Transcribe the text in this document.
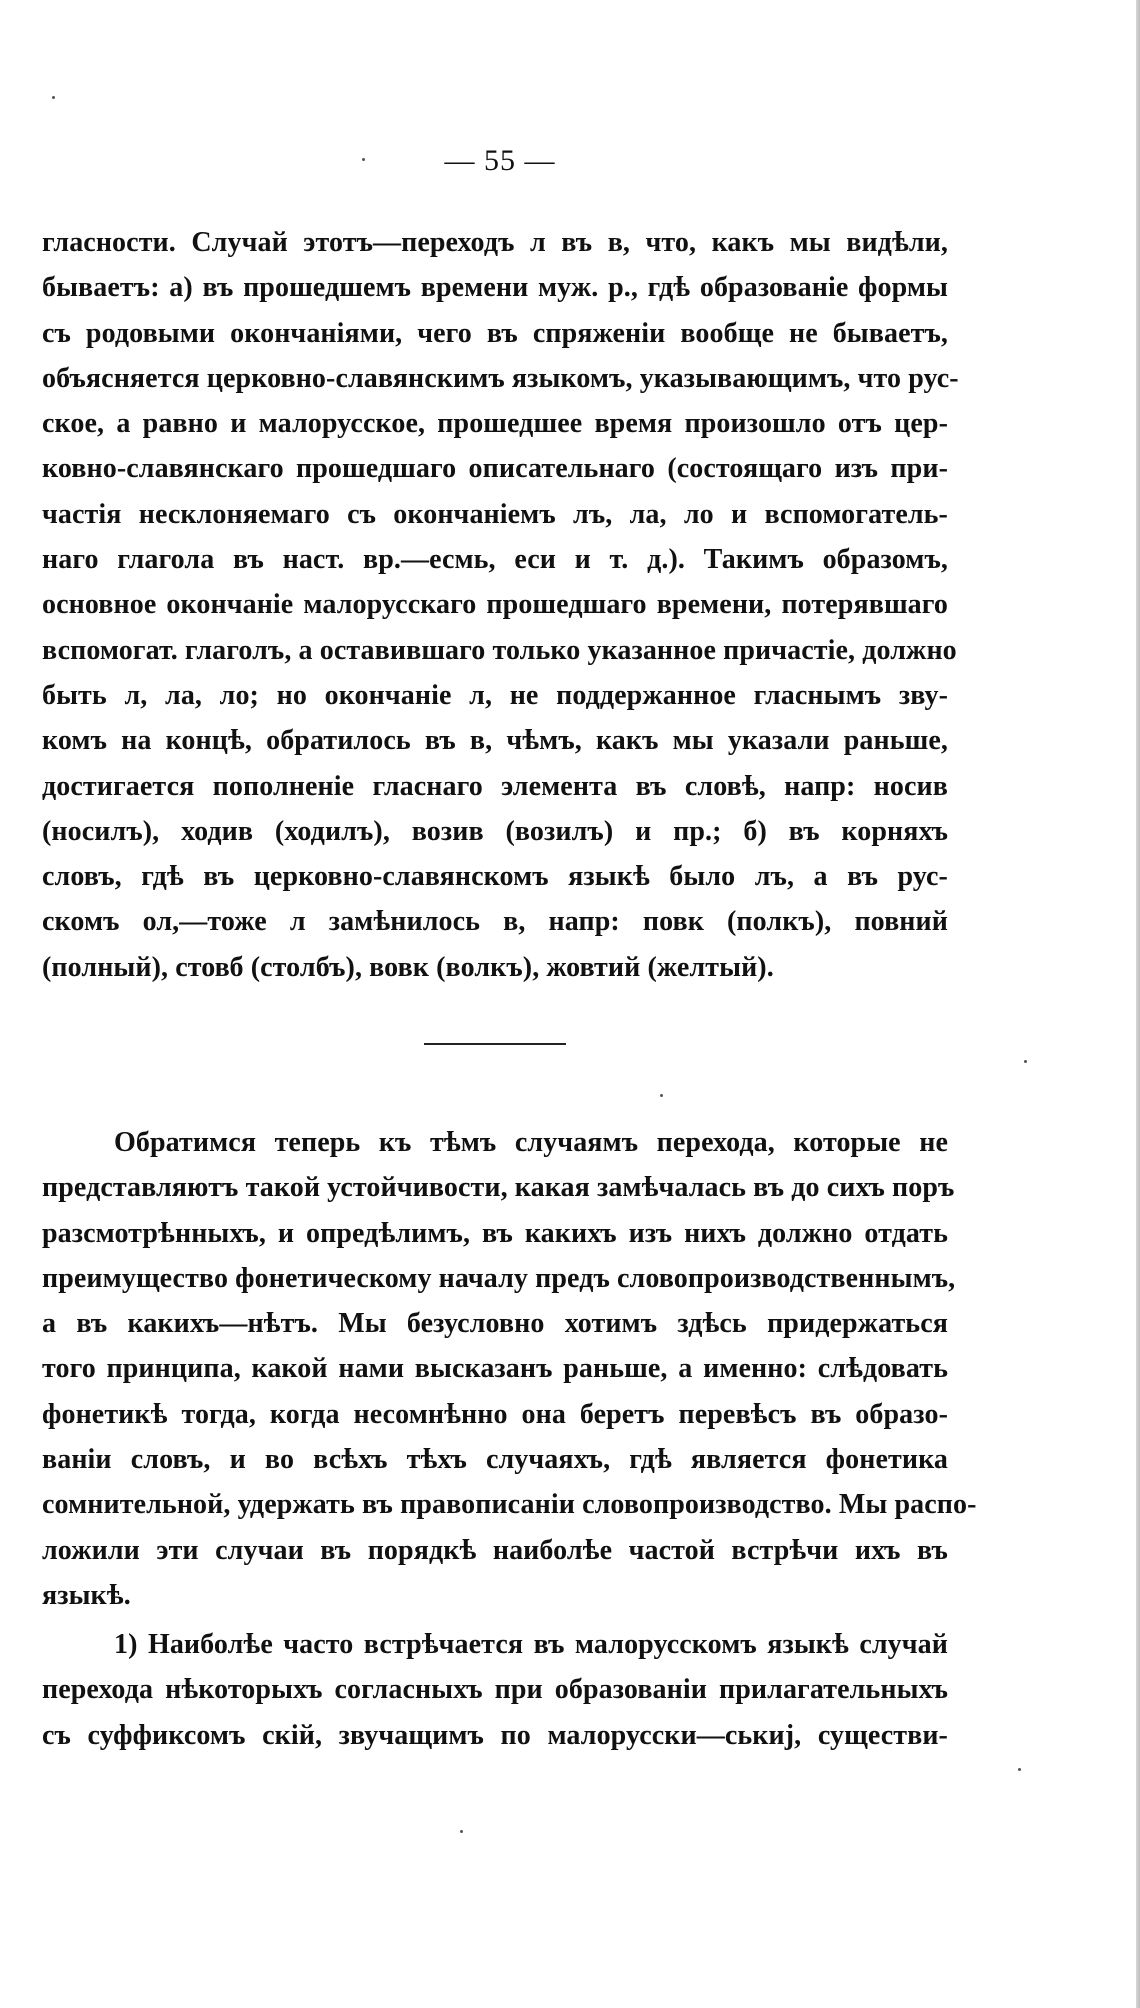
— 55 —
гласности. Случай этотъ—переходъ л въ в, что, какъ мы видѣли,
бываетъ: а) въ прошедшемъ времени муж. р., гдѣ образованіе формы
съ родовыми окончаніями, чего въ спряженіи вообще не бываетъ,
объясняется церковно-славянскимъ языкомъ, указывающимъ, что рус-
ское, а равно и малорусское, прошедшее время произошло отъ цер-
ковно-славянскаго прошедшаго описательнаго (состоящаго изъ при-
частія несклоняемаго съ окончаніемъ лъ, ла, ло и вспомогатель-
наго глагола въ наст. вр.—есмь, еси и т. д.). Такимъ образомъ,
основное окончаніе малорусскаго прошедшаго времени, потерявшаго
вспомогат. глаголъ, а оставившаго только указанное причастіе, должно
быть л, ла, ло; но окончаніе л, не поддержанное гласнымъ зву-
комъ на концѣ, обратилось въ в, чѣмъ, какъ мы указали раньше,
достигается пополненіе гласнаго элемента въ словѣ, напр: носив
(носилъ), ходив (ходилъ), возив (возилъ) и пр.; б) въ корняхъ
словъ, гдѣ въ церковно-славянскомъ языкѣ было лъ, а въ рус-
скомъ ол,—тоже л замѣнилось в, напр: повк (полкъ), повний
(полный), стовб (столбъ), вовк (волкъ), жовтий (желтый).
Обратимся теперь къ тѣмъ случаямъ перехода, которые не
представляютъ такой устойчивости, какая замѣчалась въ до сихъ поръ
разсмотрѣнныхъ, и опредѣлимъ, въ какихъ изъ нихъ должно отдать
преимущество фонетическому началу предъ словопроизводственнымъ,
а въ какихъ—нѣтъ. Мы безусловно хотимъ здѣсь придержаться
того принципа, какой нами высказанъ раньше, а именно: слѣдовать
фонетикѣ тогда, когда несомнѣнно она беретъ перевѣсъ въ образо-
ваніи словъ, и во всѣхъ тѣхъ случаяхъ, гдѣ является фонетика
сомнительной, удержать въ правописаніи словопроизводство. Мы распо-
ложили эти случаи въ порядкѣ наиболѣе частой встрѣчи ихъ въ
языкѣ.
1) Наиболѣе часто встрѣчается въ малорусскомъ языкѣ случай
перехода нѣкоторыхъ согласныхъ при образованіи прилагательныхъ
съ суффиксомъ скій, звучащимъ по малорусски—ськиј, существи-
